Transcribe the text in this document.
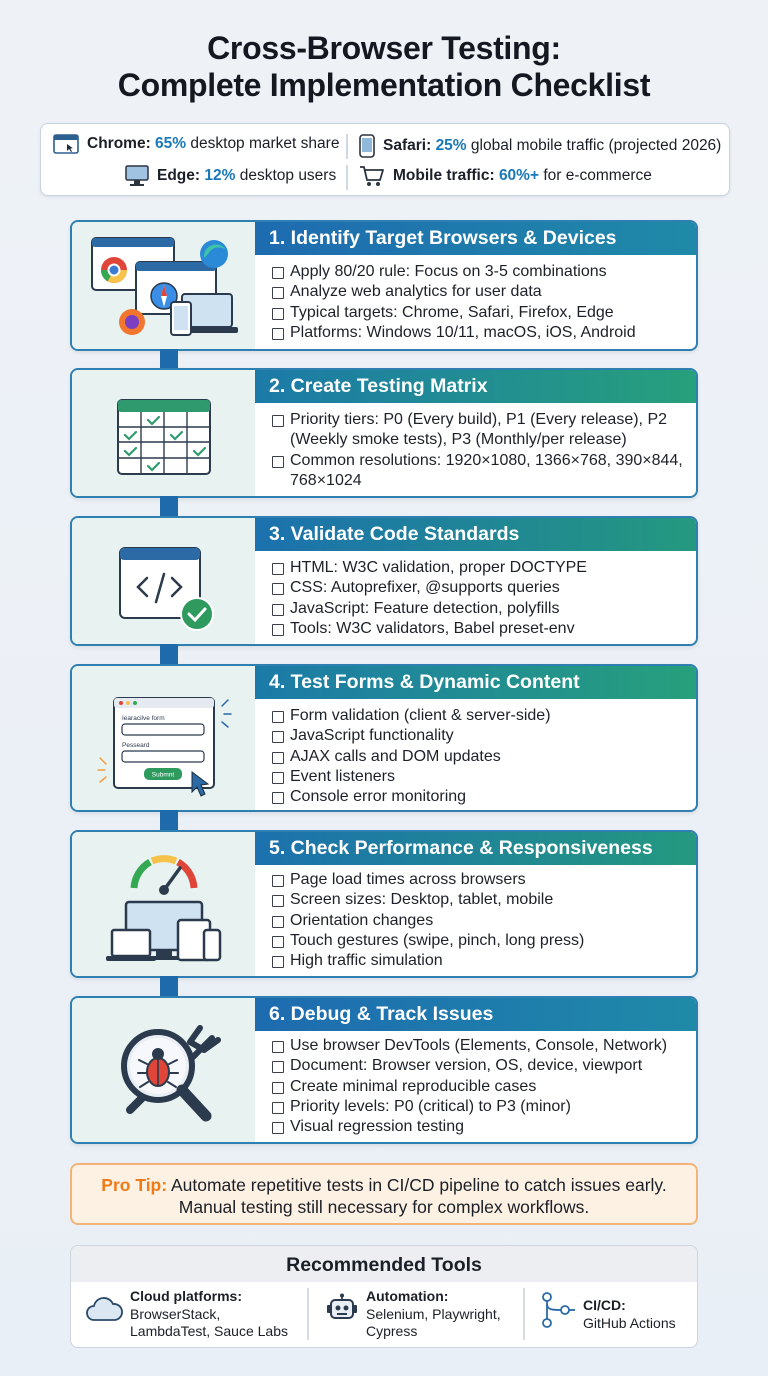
Cross-Browser Testing:
Complete Implementation Checklist
Chrome:
65%
desktop market share	Safari:
25%
global mobile traffic (projected 2026)
Edge:
12%
desktop users	Mobile traffic:
60%+
for e-commerce
1. Identify Target Browsers & Devices
Apply 80/20 rule: Focus on 3-5 combinations
Analyze web analytics for user data
Typical targets: Chrome, Safari, Firefox, Edge
Platforms: Windows 10/11, macOS, iOS, Android
2. Create Testing Matrix
Priority tiers: P0 (Every build), P1 (Every release), P2 (Weekly smoke tests), P3 (Monthly/per release)
Common resolutions: 1920×1080, 1366×768, 390×844, 768×1024
3. Validate Code Standards
HTML: W3C validation, proper DOCTYPE
CSS: Autoprefixer, @supports queries
JavaScript: Feature detection, polyfills
Tools: W3C validators, Babel preset-env
Iearacilve form
Pesseard
Submnt
4. Test Forms & Dynamic Content
Form validation (client & server-side)
JavaScript functionality
AJAX calls and DOM updates
Event listeners
Console error monitoring
5. Check Performance & Responsiveness
Page load times across browsers
Screen sizes: Desktop, tablet, mobile
Orientation changes
Touch gestures (swipe, pinch, long press)
High traffic simulation
6. Debug & Track Issues
Use browser DevTools (Elements, Console, Network)
Document: Browser version, OS, device, viewport
Create minimal reproducible cases
Priority levels: P0 (critical) to P3 (minor)
Visual regression testing
Pro Tip: Automate repetitive tests in CI/CD pipeline to catch issues early.
Manual testing still necessary for complex workflows.
Recommended Tools
Cloud platforms:
BrowserStack,
LambdaTest, Sauce Labs
Automation:
Selenium, Playwright,
Cypress
CI/CD:
GitHub Actions
